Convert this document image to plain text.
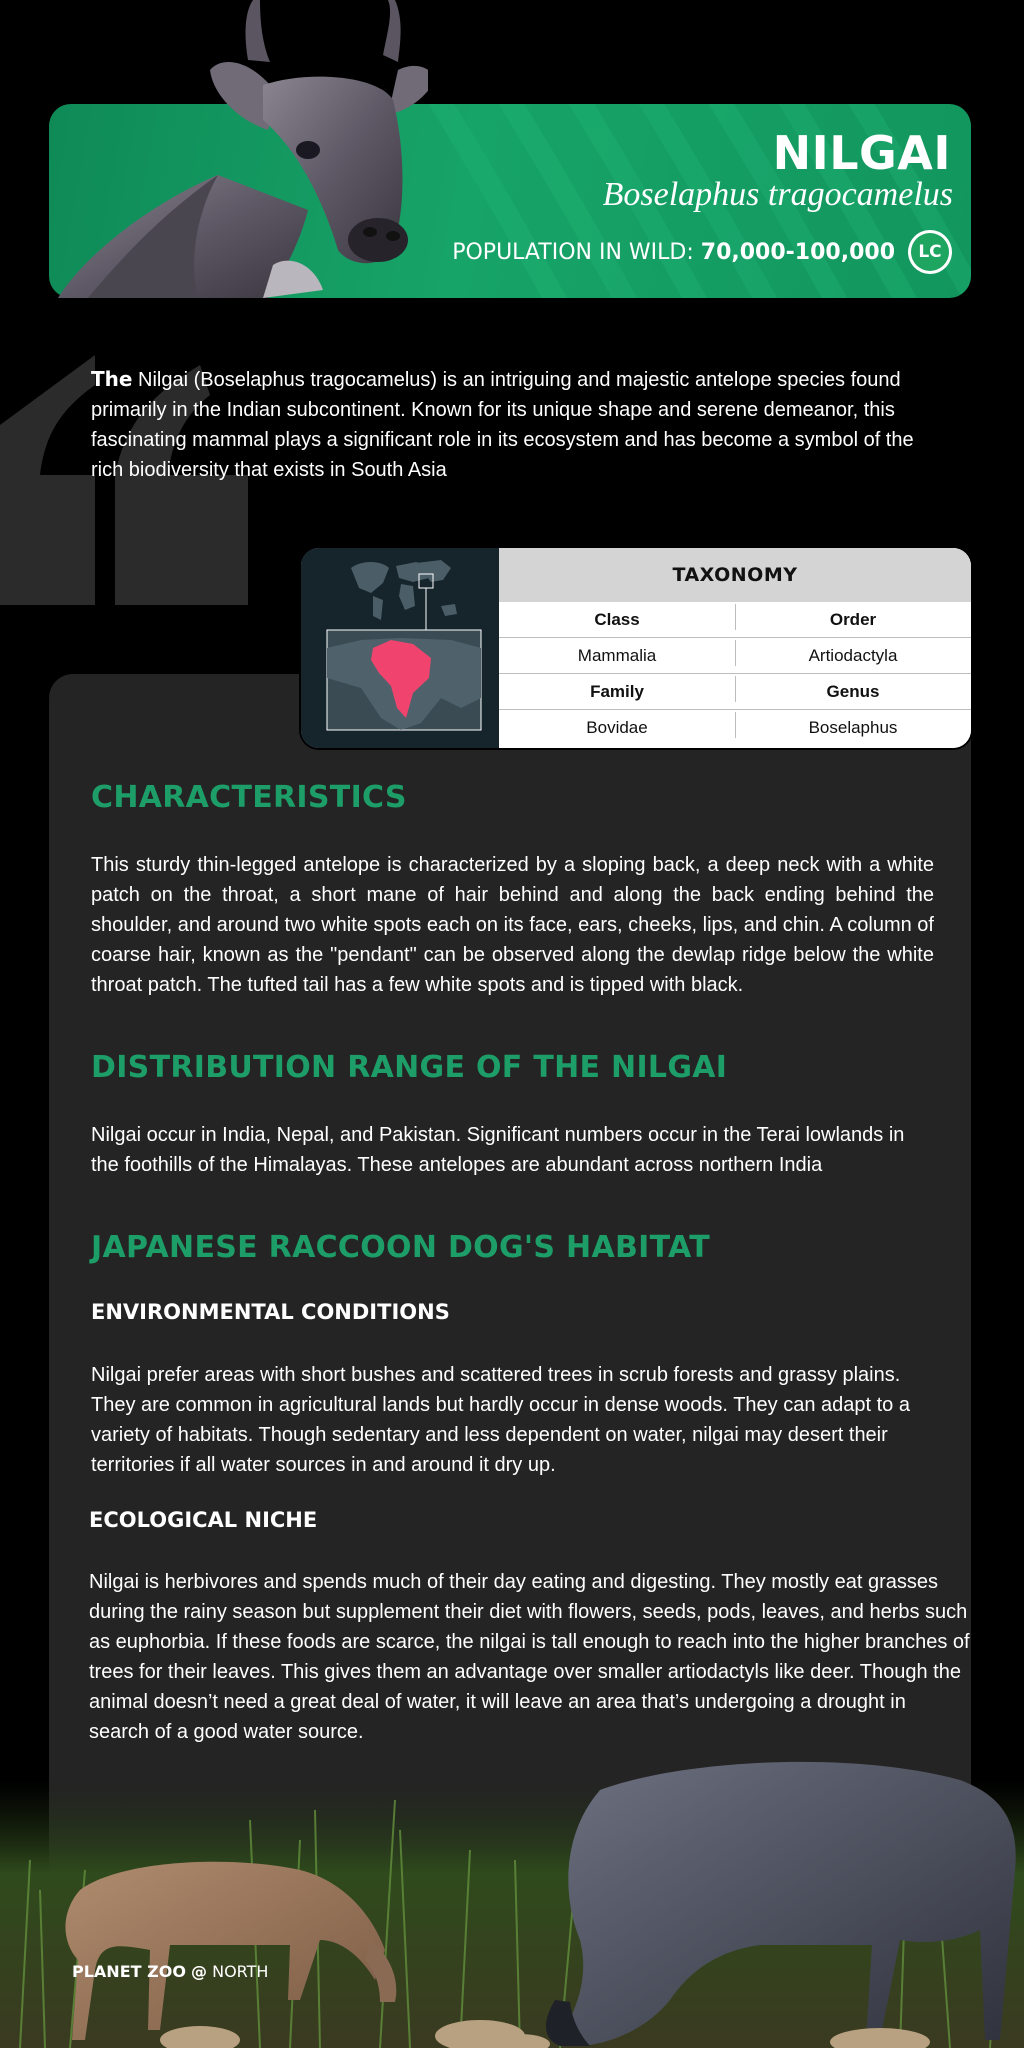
NILGAI
Boselaphus tragocamelus
POPULATION IN WILD: 70,000-100,000	LC

The Nilgai (Boselaphus tragocamelus) is an intriguing and majestic antelope species found primarily in the Indian subcontinent. Known for its unique shape and serene demeanor, this fascinating mammal plays a significant role in its ecosystem and has become a symbol of the rich biodiversity that exists in South Asia

TAXONOMY
Class	Order
Mammalia	Artiodactyla
Family	Genus
Bovidae	Boselaphus
CHARACTERISTICS

This sturdy thin-legged antelope is characterized by a sloping back, a deep neck with a white patch on the throat, a short mane of hair behind and along the back ending behind the shoulder, and around two white spots each on its face, ears, cheeks, lips, and chin. A column of coarse hair, known as the "pendant" can be observed along the dewlap ridge below the white throat patch. The tufted tail has a few white spots and is tipped with black.

DISTRIBUTION RANGE OF THE NILGAI

Nilgai occur in India, Nepal, and Pakistan. Significant numbers occur in the Terai lowlands in the foothills of the Himalayas. These antelopes are abundant across northern India

JAPANESE RACCOON DOG'S HABITAT
ENVIRONMENTAL CONDITIONS

Nilgai prefer areas with short bushes and scattered trees in scrub forests and grassy plains. They are common in agricultural lands but hardly occur in dense woods. They can adapt to a variety of habitats. Though sedentary and less dependent on water, nilgai may desert their territories if all water sources in and around it dry up.

ECOLOGICAL NICHE

Nilgai is herbivores and spends much of their day eating and digesting. They mostly eat grasses during the rainy season but supplement their diet with flowers, seeds, pods, leaves, and herbs such as euphorbia. If these foods are scarce, the nilgai is tall enough to reach into the higher branches of trees for their leaves. This gives them an advantage over smaller artiodactyls like deer. Though the animal doesn’t need a great deal of water, it will leave an area that’s undergoing a drought in search of a good water source.

PLANET ZOO @ NORTH
